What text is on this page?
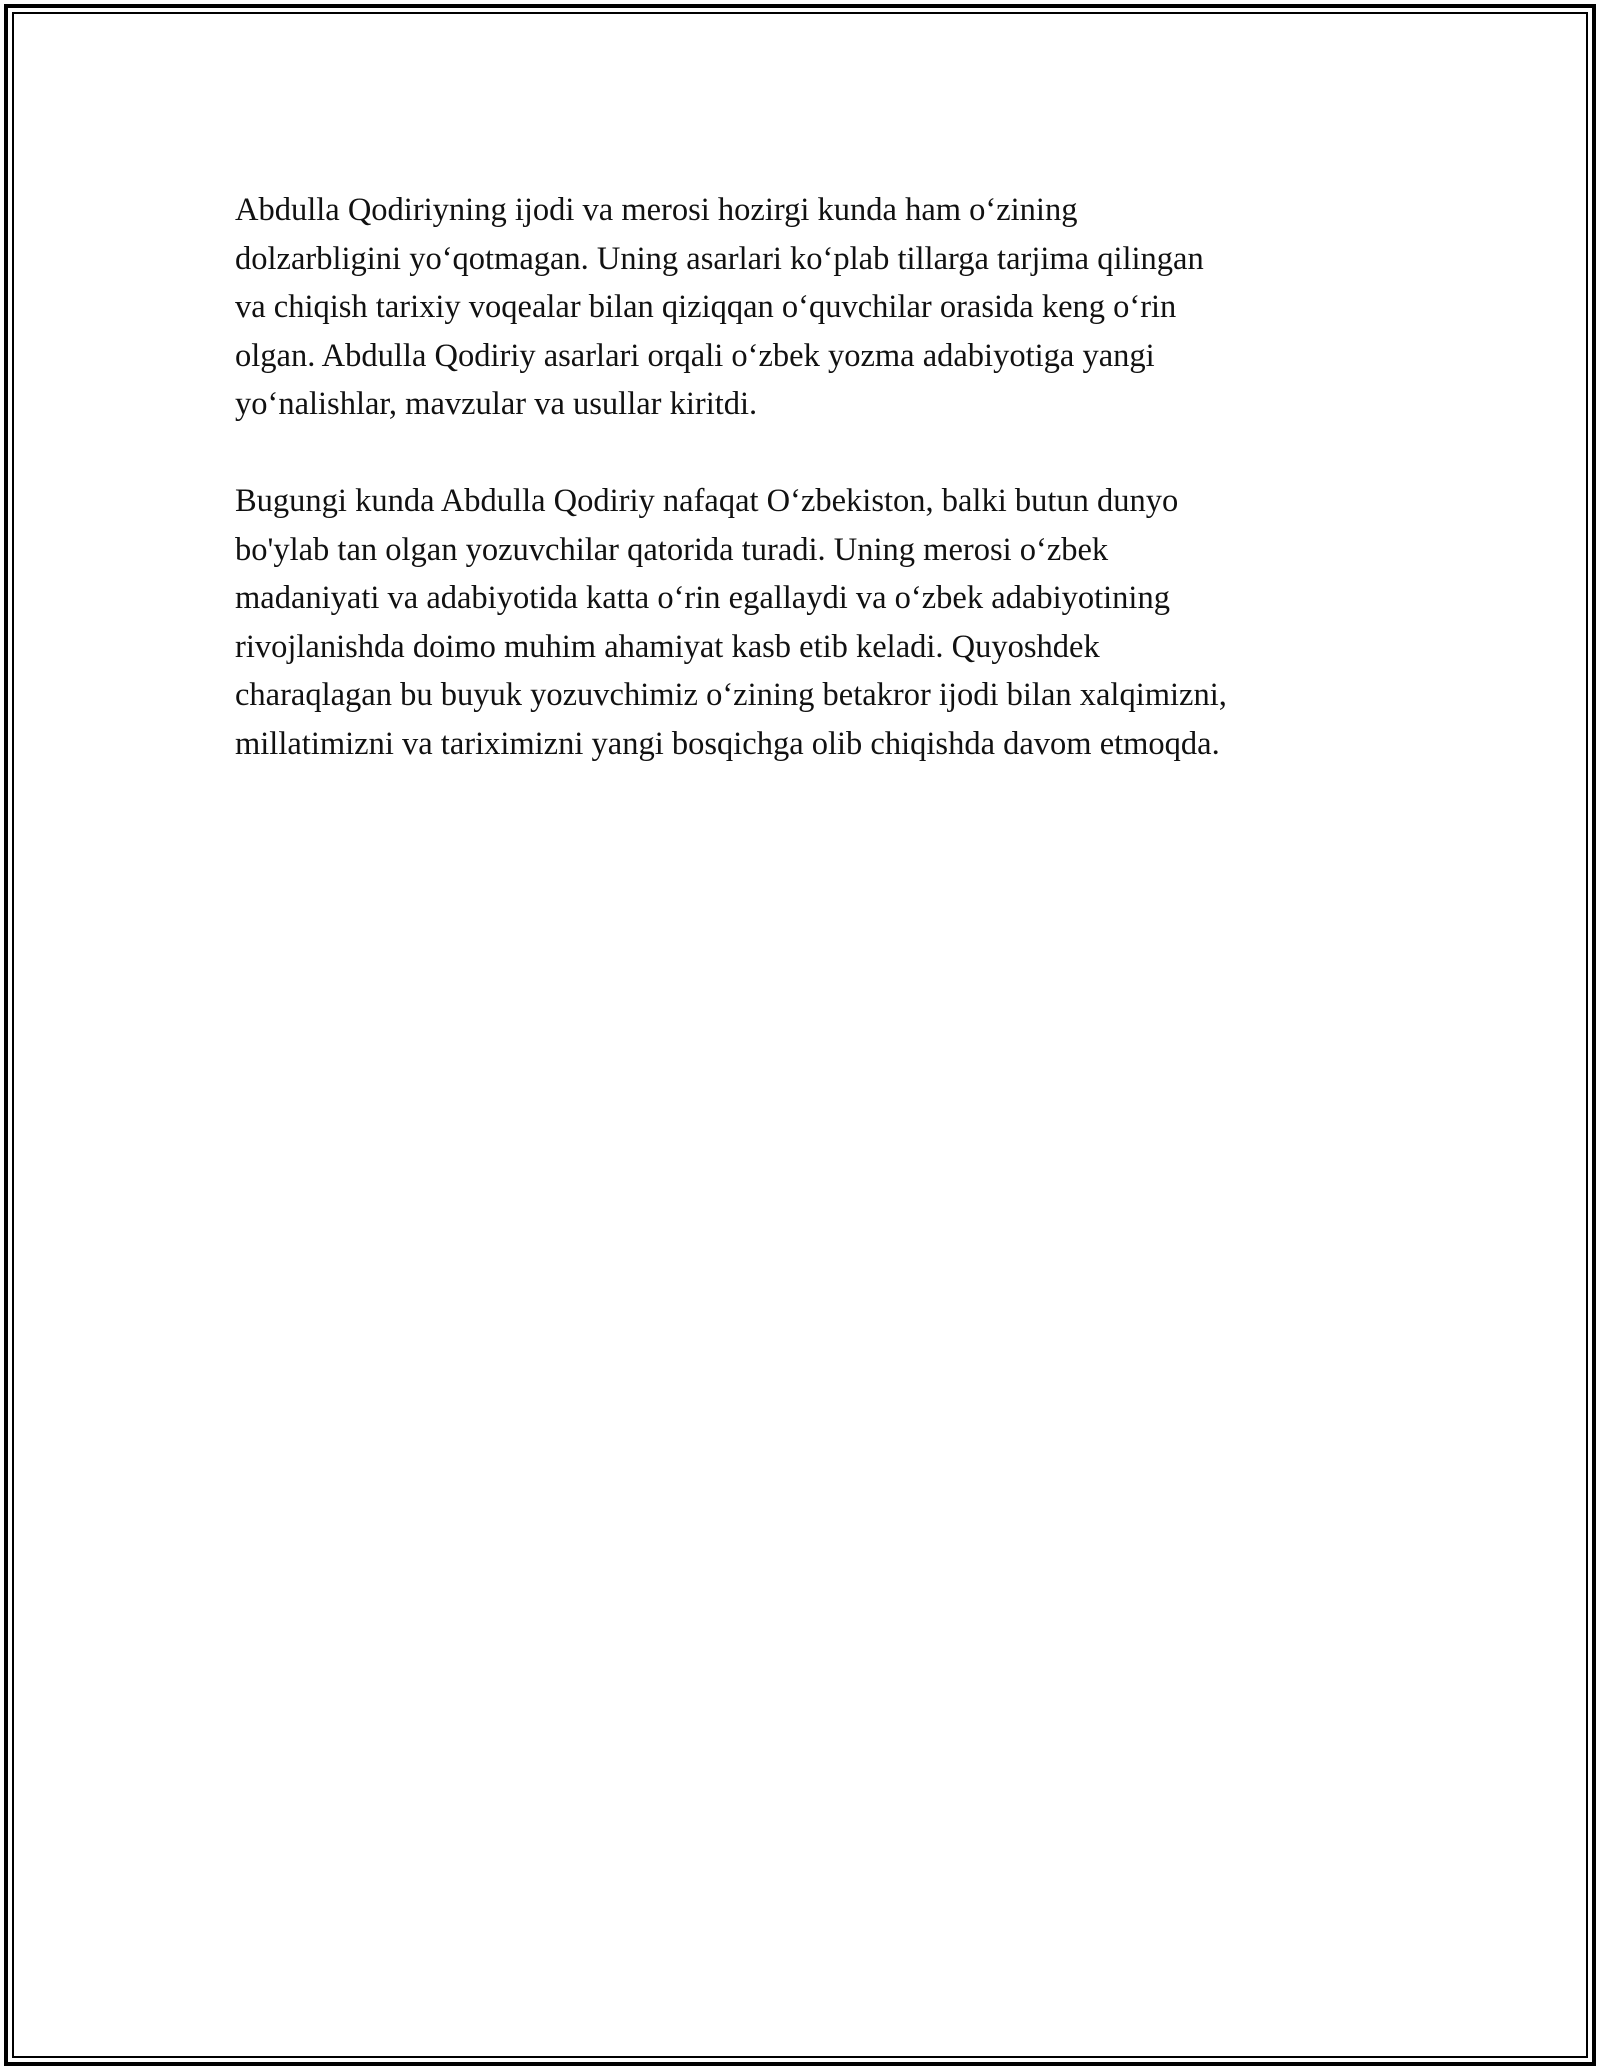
Abdulla Qodiriyning ijodi va merosi hozirgi kunda ham o‘zining
dolzarbligini yo‘qotmagan. Uning asarlari ko‘plab tillarga tarjima qilingan
va chiqish tarixiy voqealar bilan qiziqqan o‘quvchilar orasida keng o‘rin
olgan. Abdulla Qodiriy asarlari orqali o‘zbek yozma adabiyotiga yangi
yo‘nalishlar, mavzular va usullar kiritdi.

Bugungi kunda Abdulla Qodiriy nafaqat O‘zbekiston, balki butun dunyo
bo'ylab tan olgan yozuvchilar qatorida turadi. Uning merosi o‘zbek
madaniyati va adabiyotida katta o‘rin egallaydi va o‘zbek adabiyotining
rivojlanishda doimo muhim ahamiyat kasb etib keladi. Quyoshdek
charaqlagan bu buyuk yozuvchimiz o‘zining betakror ijodi bilan xalqimizni,
millatimizni va tariximizni yangi bosqichga olib chiqishda davom etmoqda.
